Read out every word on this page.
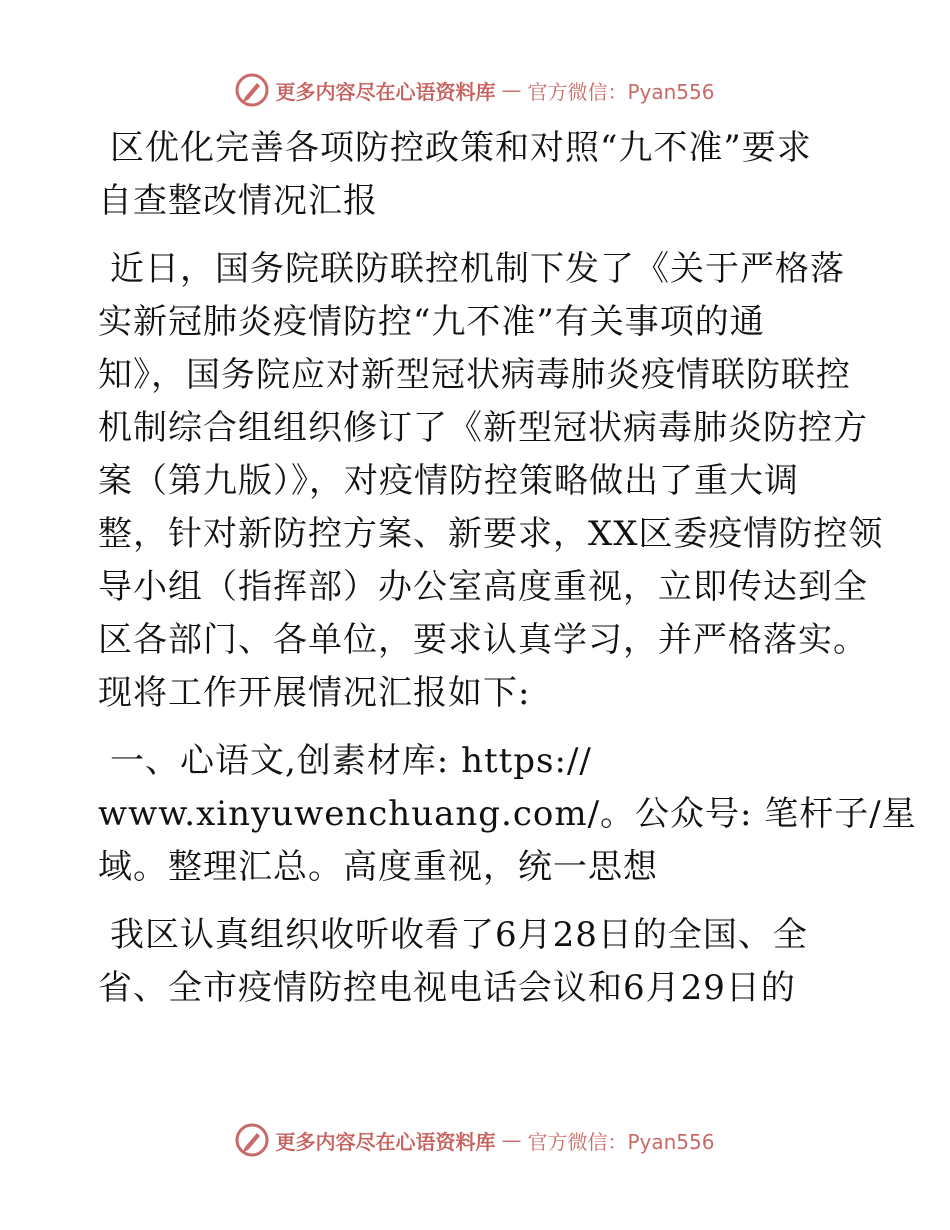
更多内容尽在心语资料库 — 官方微信：Pyan556
区优化完善各项防控政策和对照“九不准”要求
自查整改情况汇报
近日，国务院联防联控机制下发了《关于严格落
实新冠肺炎疫情防控“九不准”有关事项的通
知》，国务院应对新型冠状病毒肺炎疫情联防联控
机制综合组组织修订了《新型冠状病毒肺炎防控方
案（第九版）》，对疫情防控策略做出了重大调
整，针对新防控方案、新要求，XX区委疫情防控领
导小组（指挥部）办公室高度重视，立即传达到全
区各部门、各单位，要求认真学习，并严格落实。
现将工作开展情况汇报如下:
一、心语文,创素材库: https://
www.xinyuwenchuang.com/。公众号: 笔杆子/星
域。整理汇总。高度重视，统一思想
我区认真组织收听收看了6月28日的全国、全
省、全市疫情防控电视电话会议和6月29日的
更多内容尽在心语资料库 — 官方微信：Pyan556
